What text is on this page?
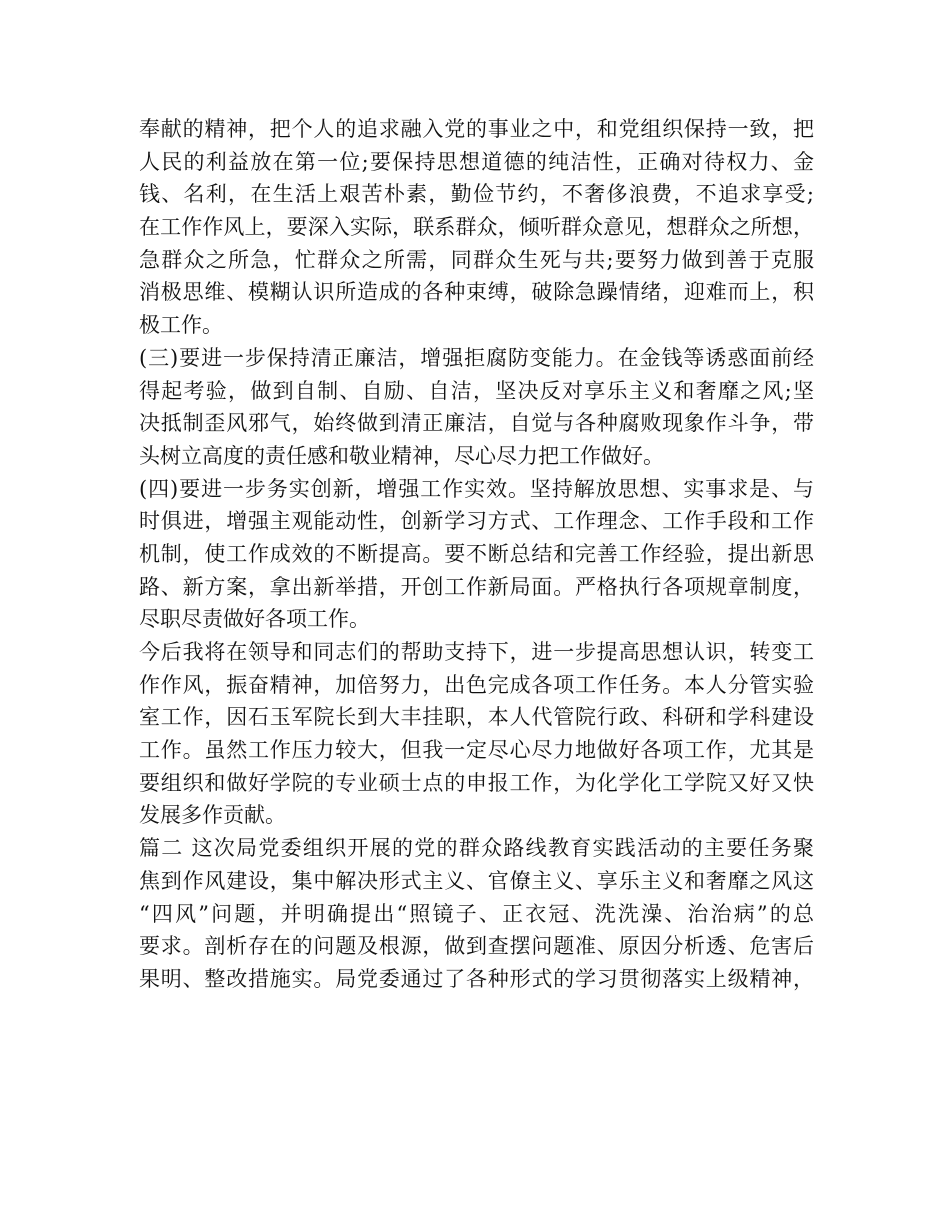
奉献的精神，把个人的追求融入党的事业之中，和党组织保持一致，把
人民的利益放在第一位;要保持思想道德的纯洁性，正确对待权力、金
钱、名利，在生活上艰苦朴素，勤俭节约，不奢侈浪费，不追求享受;
在工作作风上，要深入实际，联系群众，倾听群众意见，想群众之所想，
急群众之所急，忙群众之所需，同群众生死与共;要努力做到善于克服
消极思维、模糊认识所造成的各种束缚，破除急躁情绪，迎难而上，积
极工作。
(三)要进一步保持清正廉洁，增强拒腐防变能力。在金钱等诱惑面前经
得起考验，做到自制、自励、自洁，坚决反对享乐主义和奢靡之风;坚
决抵制歪风邪气，始终做到清正廉洁，自觉与各种腐败现象作斗争，带
头树立高度的责任感和敬业精神，尽心尽力把工作做好。
(四)要进一步务实创新，增强工作实效。坚持解放思想、实事求是、与
时俱进，增强主观能动性，创新学习方式、工作理念、工作手段和工作
机制，使工作成效的不断提高。要不断总结和完善工作经验，提出新思
路、新方案，拿出新举措，开创工作新局面。严格执行各项规章制度，
尽职尽责做好各项工作。
今后我将在领导和同志们的帮助支持下，进一步提高思想认识，转变工
作作风，振奋精神，加倍努力，出色完成各项工作任务。本人分管实验
室工作，因石玉军院长到大丰挂职，本人代管院行政、科研和学科建设
工作。虽然工作压力较大，但我一定尽心尽力地做好各项工作，尤其是
要组织和做好学院的专业硕士点的申报工作，为化学化工学院又好又快
发展多作贡献。
篇二 这次局党委组织开展的党的群众路线教育实践活动的主要任务聚
焦到作风建设，集中解决形式主义、官僚主义、享乐主义和奢靡之风这
“四风”问题，并明确提出“照镜子、正衣冠、洗洗澡、治治病”的总
要求。剖析存在的问题及根源，做到查摆问题准、原因分析透、危害后
果明、整改措施实。局党委通过了各种形式的学习贯彻落实上级精神，
